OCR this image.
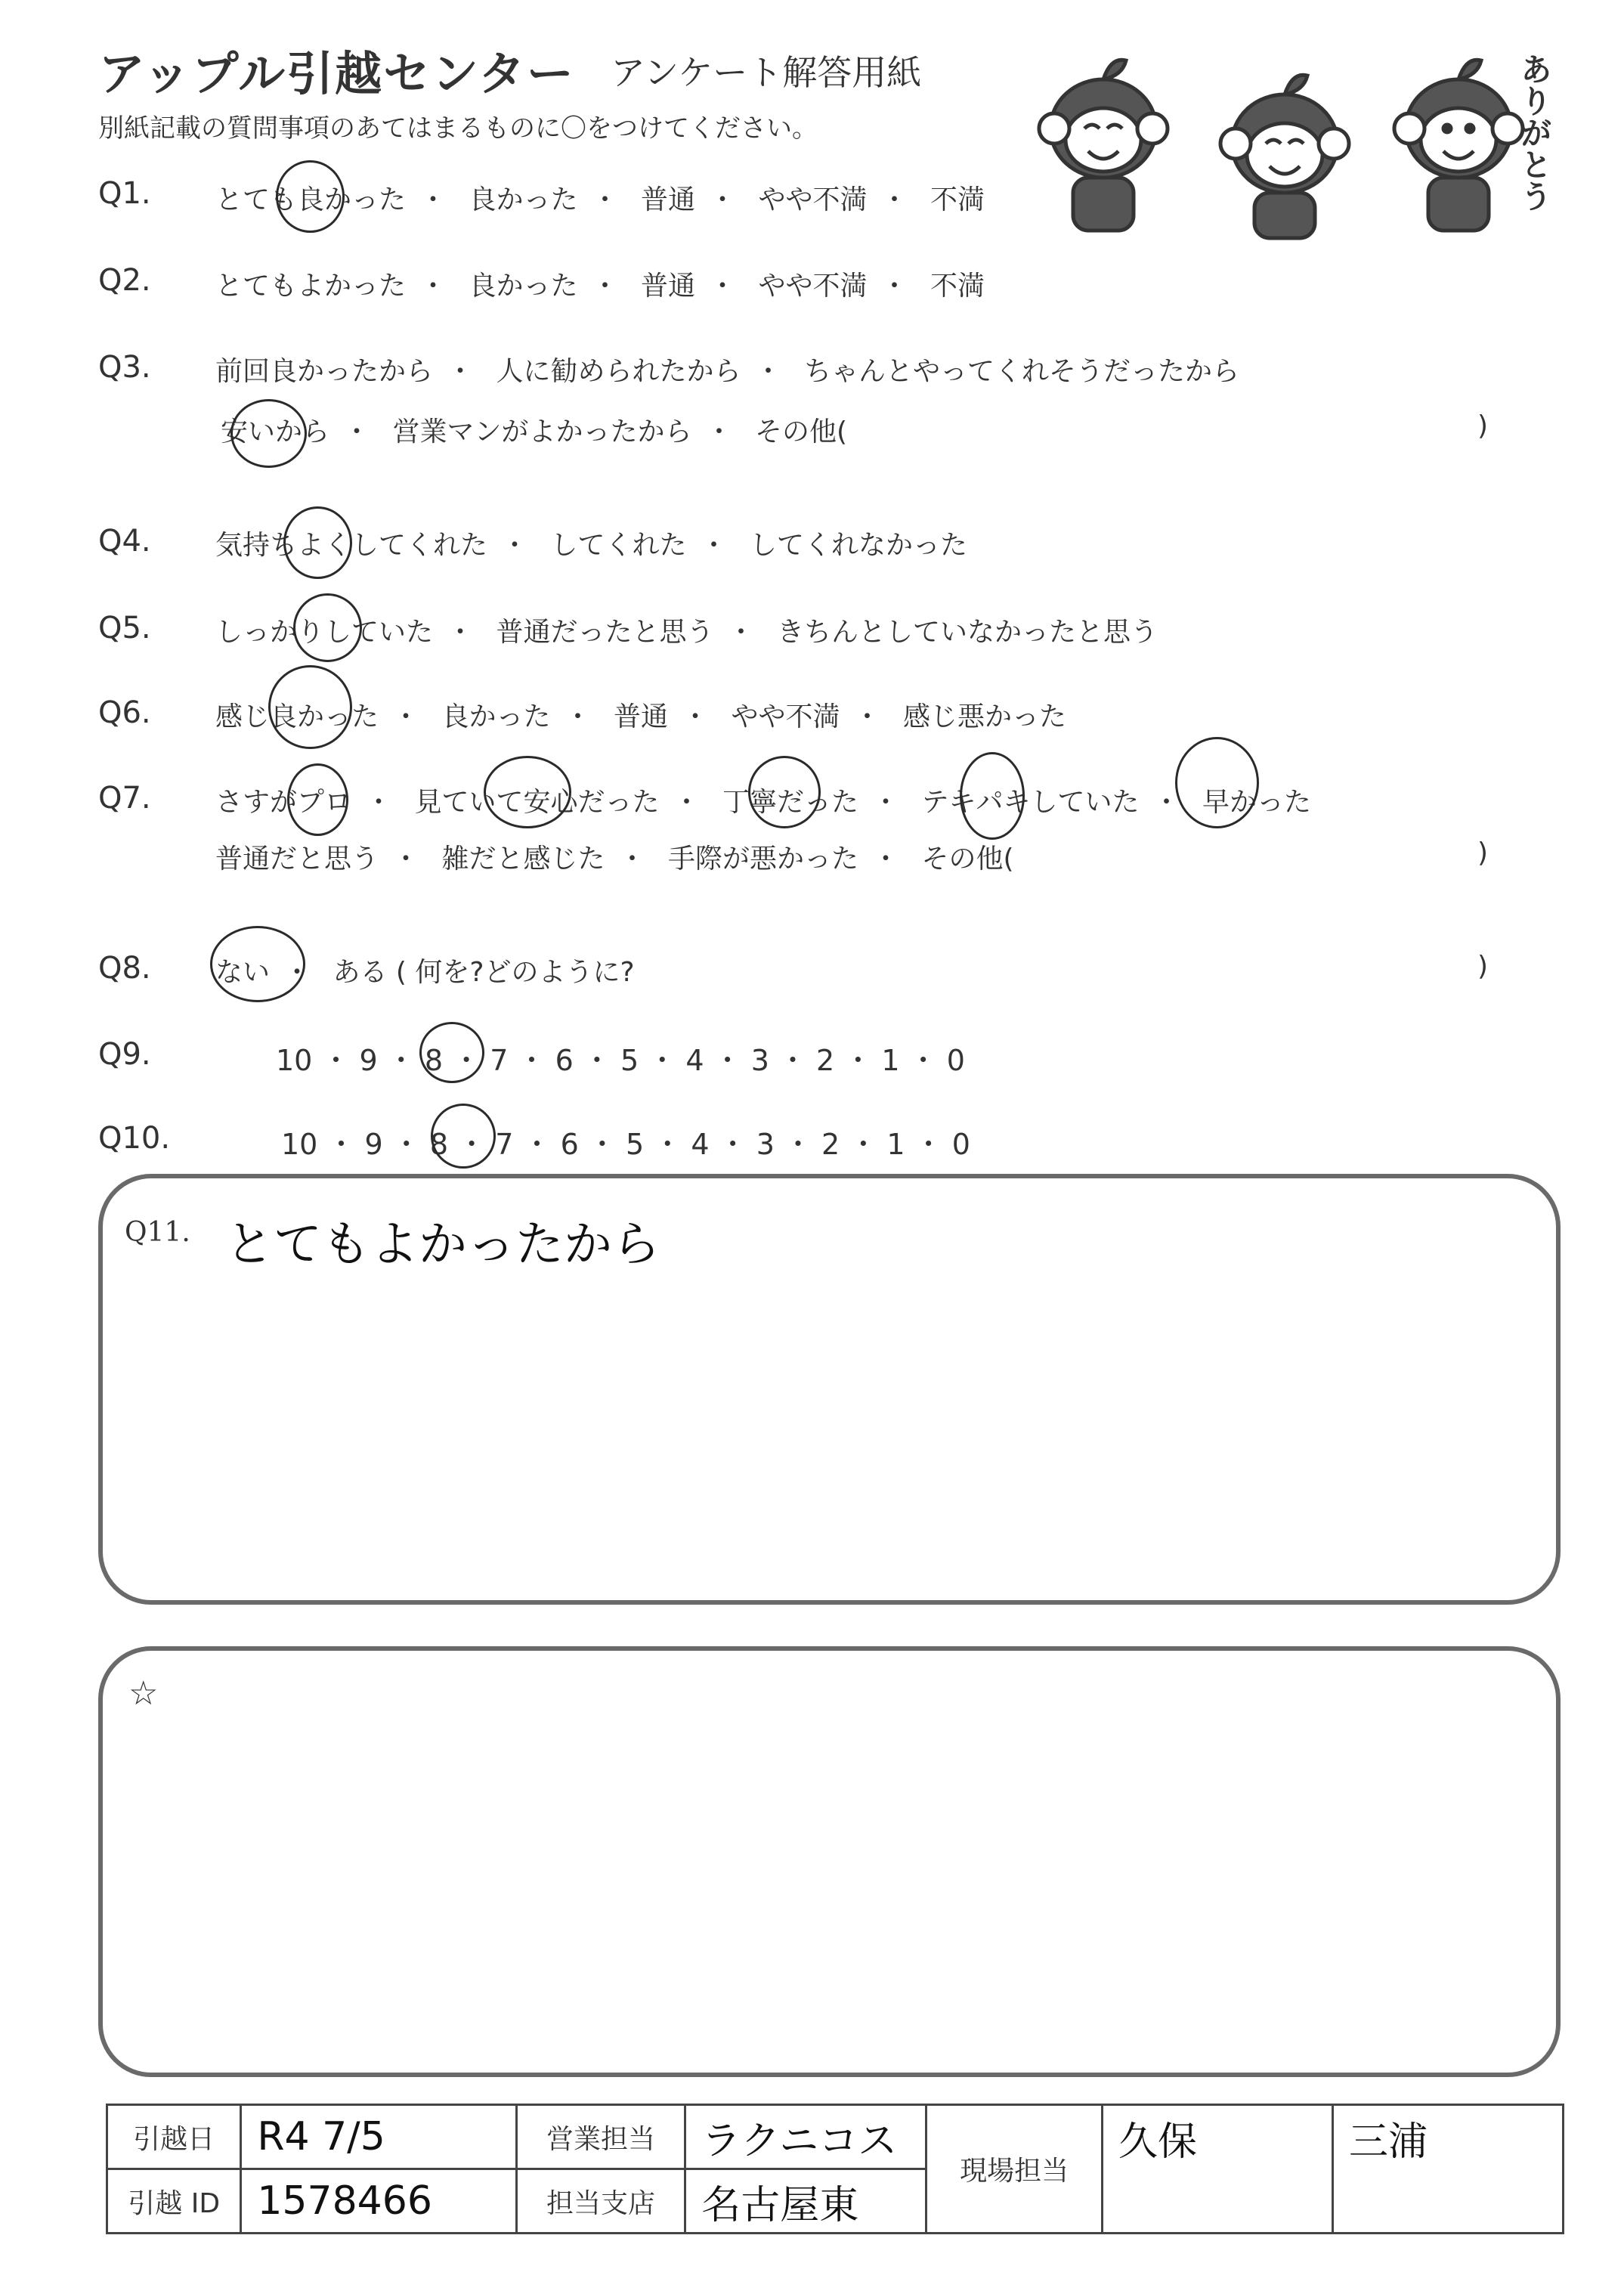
アップル引越センター アンケート解答用紙
別紙記載の質問事項のあてはまるものに〇をつけてください。	ありがとう
Q1. とても良かった ・ 良かった ・ 普通 ・ やや不満 ・ 不満
Q2. とてもよかった ・ 良かった ・ 普通 ・ やや不満 ・ 不満
Q3. 前回良かったから ・ 人に勧められたから ・ ちゃんとやってくれそうだったから
安いから ・ 営業マンがよかったから ・ その他(	)
Q4. 気持ちよくしてくれた ・ してくれた ・ してくれなかった
Q5. しっかりしていた ・ 普通だったと思う ・ きちんとしていなかったと思う
Q6. 感じ良かった ・ 良かった ・ 普通 ・ やや不満 ・ 感じ悪かった
Q7. さすがプロ ・ 見ていて安心だった ・ 丁寧だった ・ テキパキしていた ・ 早かった
普通だと思う ・ 雑だと感じた ・ 手際が悪かった ・ その他(	)
Q8. ない ・ ある ( 何を?どのように?	)
Q9.	10 ・ 9 ・ 8 ・ 7 ・ 6 ・ 5 ・ 4 ・ 3 ・ 2 ・ 1 ・ 0
Q10.	10 ・ 9 ・ 8 ・ 7 ・ 6 ・ 5 ・ 4 ・ 3 ・ 2 ・ 1 ・ 0
Q11. とてもよかったから
☆
引越日	R4 7/5	営業担当	ラクニコス	現場担当	久保	三浦
引越 ID	1578466	担当支店	名古屋東			
